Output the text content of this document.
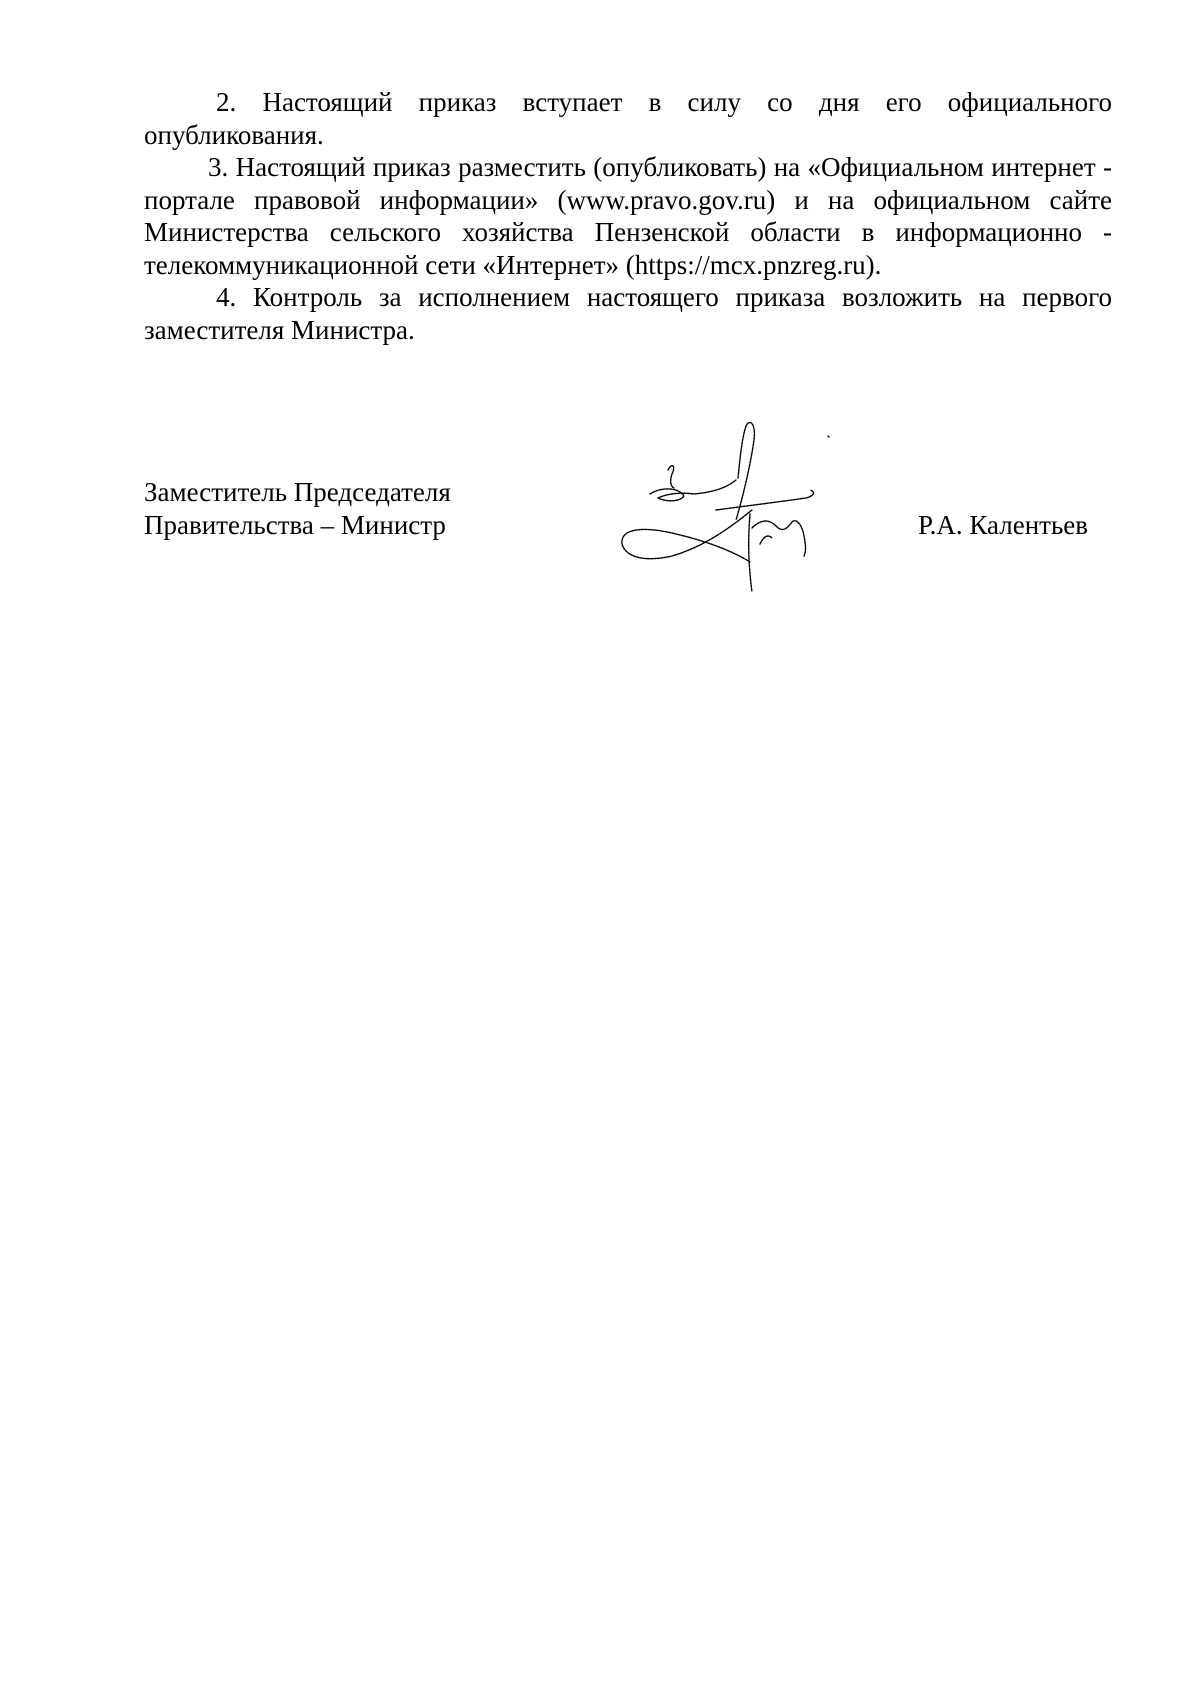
2. Настоящий приказ вступает в силу со дня его официального опубликования.

3. Настоящий приказ разместить (опубликовать) на «Официальном интернет - портале правовой информации» (www.pravo.gov.ru) и на официальном сайте Министерства сельского хозяйства Пензенской области в информационно - телекоммуникационной сети «Интернет» (https://mcx.pnzreg.ru).

4. Контроль за исполнением настоящего приказа возложить на первого заместителя Министра.

Заместитель Председателя
Правительства – Министр	Р.А. Калентьев
